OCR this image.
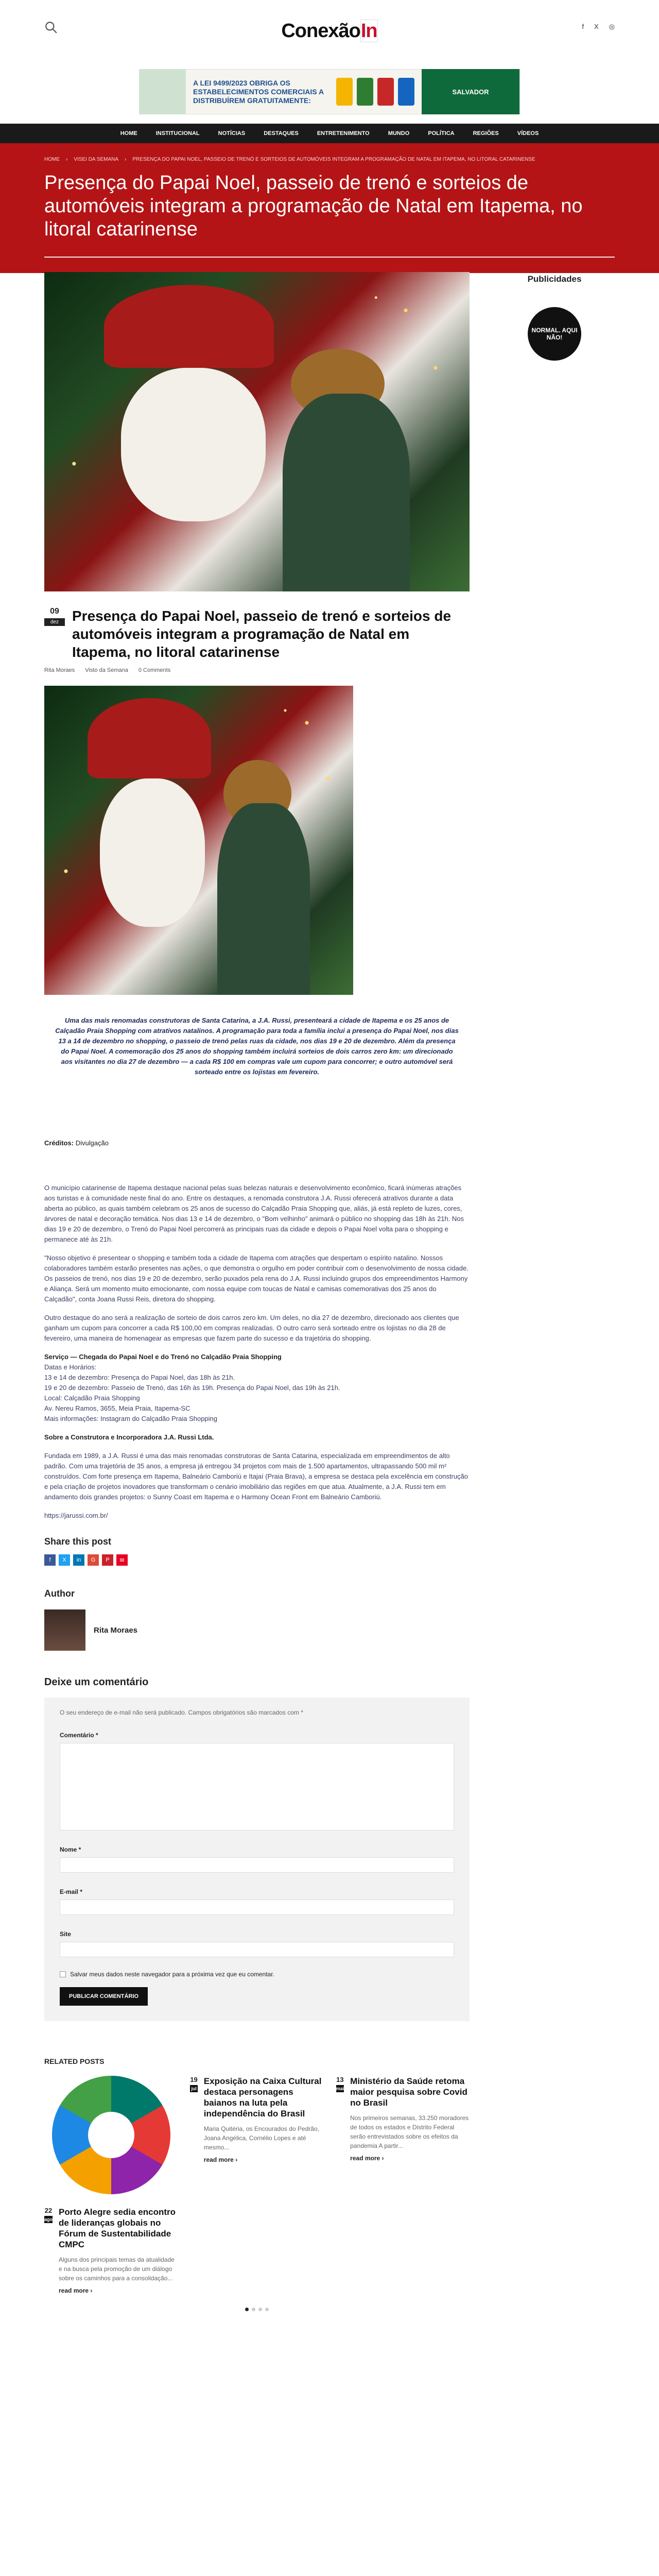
ConexãoIn	f X ◎
A LEI 9499/2023 OBRIGA OS ESTABELECIMENTOS COMERCIAIS A DISTRIBUÍREM GRATUITAMENTE:
SALVADOR
HOME	INSTITUCIONAL	NOTÍCIAS	DESTAQUES	ENTRETENIMENTO	MUNDO	POLÍTICA	REGIÕES	VÍDEOS
HOME › VISEI DA SEMANA › PRESENÇA DO PAPAI NOEL, PASSEIO DE TRENÓ E SORTEIOS DE AUTOMÓVEIS INTEGRAM A PROGRAMAÇÃO DE NATAL EM ITAPEMA, NO LITORAL CATARINENSE
Presença do Papai Noel, passeio de trenó e sorteios de automóveis integram a programação de Natal em Itapema, no litoral catarinense
09
dez Presença do Papai Noel, passeio de trenó e sorteios de automóveis integram a programação de Natal em Itapema, no litoral catarinense
Rita Moraes Visto da Semana 0 Comments

Uma das mais renomadas construtoras de Santa Catarina, a J.A. Russi, presenteará a cidade de Itapema e os 25 anos de Calçadão Praia Shopping com atrativos natalinos. A programação para toda a família inclui a presença do Papai Noel, nos dias 13 a 14 de dezembro no shopping, o passeio de trenó pelas ruas da cidade, nos dias 19 e 20 de dezembro. Além da presença do Papai Noel. A comemoração dos 25 anos do shopping também incluirá sorteios de dois carros zero km: um direcionado aos visitantes no dia 27 de dezembro — a cada R$ 100 em compras vale um cupom para concorrer; e outro automóvel será sorteado entre os lojistas em fevereiro.

Créditos: Divulgação

O município catarinense de Itapema destaque nacional pelas suas belezas naturais e desenvolvimento econômico, ficará inúmeras atrações aos turistas e à comunidade neste final do ano. Entre os destaques, a renomada construtora J.A. Russi oferecerá atrativos durante a data aberta ao público, as quais também celebram os 25 anos de sucesso do Calçadão Praia Shopping que, aliás, já está repleto de luzes, cores, árvores de natal e decoração temática. Nos dias 13 e 14 de dezembro, o "Bom velhinho" animará o público no shopping das 18h às 21h. Nos dias 19 e 20 de dezembro, o Trenó do Papai Noel percorrerá as principais ruas da cidade e depois o Papai Noel volta para o shopping e permanece até às 21h.

"Nosso objetivo é presentear o shopping e também toda a cidade de Itapema com atrações que despertam o espírito natalino. Nossos colaboradores também estarão presentes nas ações, o que demonstra o orgulho em poder contribuir com o desenvolvimento de nossa cidade. Os passeios de trenó, nos dias 19 e 20 de dezembro, serão puxados pela rena do J.A. Russi incluindo grupos dos empreendimentos Harmony e Aliança. Será um momento muito emocionante, com nossa equipe com toucas de Natal e camisas comemorativas dos 25 anos do Calçadão", conta Joana Russi Reis, diretora do shopping.

Outro destaque do ano será a realização de sorteio de dois carros zero km. Um deles, no dia 27 de dezembro, direcionado aos clientes que ganham um cupom para concorrer a cada R$ 100,00 em compras realizadas. O outro carro será sorteado entre os lojistas no dia 28 de fevereiro, uma maneira de homenagear as empresas que fazem parte do sucesso e da trajetória do shopping.

Serviço — Chegada do Papai Noel e do Trenó no Calçadão Praia Shopping

Datas e Horários:

13 e 14 de dezembro: Presença do Papai Noel, das 18h às 21h.

19 e 20 de dezembro: Passeio de Trenó, das 16h às 19h. Presença do Papai Noel, das 19h às 21h.

Local: Calçadão Praia Shopping

Av. Nereu Ramos, 3655, Meia Praia, Itapema-SC

Mais informações: Instagram do Calçadão Praia Shopping

Sobre a Construtora e Incorporadora J.A. Russi Ltda.

Fundada em 1989, a J.A. Russi é uma das mais renomadas construtoras de Santa Catarina, especializada em empreendimentos de alto padrão. Com uma trajetória de 35 anos, a empresa já entregou 34 projetos com mais de 1.500 apartamentos, ultrapassando 500 mil m² construídos. Com forte presença em Itapema, Balneário Camboriú e Itajaí (Praia Brava), a empresa se destaca pela excelência em construção e pela criação de projetos inovadores que transformam o cenário imobiliário das regiões em que atua. Atualmente, a J.A. Russi tem em andamento dois grandes projetos: o Sunny Coast em Itapema e o Harmony Ocean Front em Balneário Camboriú.

https://jarussi.com.br/

Share this post
f	X	in	G	P	✉
Author
Rita Moraes
Deixe um comentário

O seu endereço de e-mail não será publicado. Campos obrigatórios são marcados com *

Comentário *
Nome *
E-mail *
Site
Salvar meus dados neste navegador para a próxima vez que eu comentar.
PUBLICAR COMENTÁRIO
RELATED POSTS
19
jul
Exposição na Caixa Cultural destaca personagens baianos na luta pela independência do Brasil

Maria Quitéria, os Encourados do Pedrão, Joana Angélica, Cornélio Lopes e até mesmo...

read more ›
13
mai
Ministério da Saúde retoma maior pesquisa sobre Covid no Brasil

Nos primeiros semanas, 33.250 moradores de todos os estados e Distrito Federal serão entrevistados sobre os efeitos da pandemia A partir...

read more ›
22
ago
Porto Alegre sedia encontro de lideranças globais no Fórum de Sustentabilidade CMPC

Alguns dos principais temas da atualidade e na busca pela promoção de um diálogo sobre os caminhos para a consolidação...

read more ›
Publicidades
NORMAL. AQUI NÃO!
